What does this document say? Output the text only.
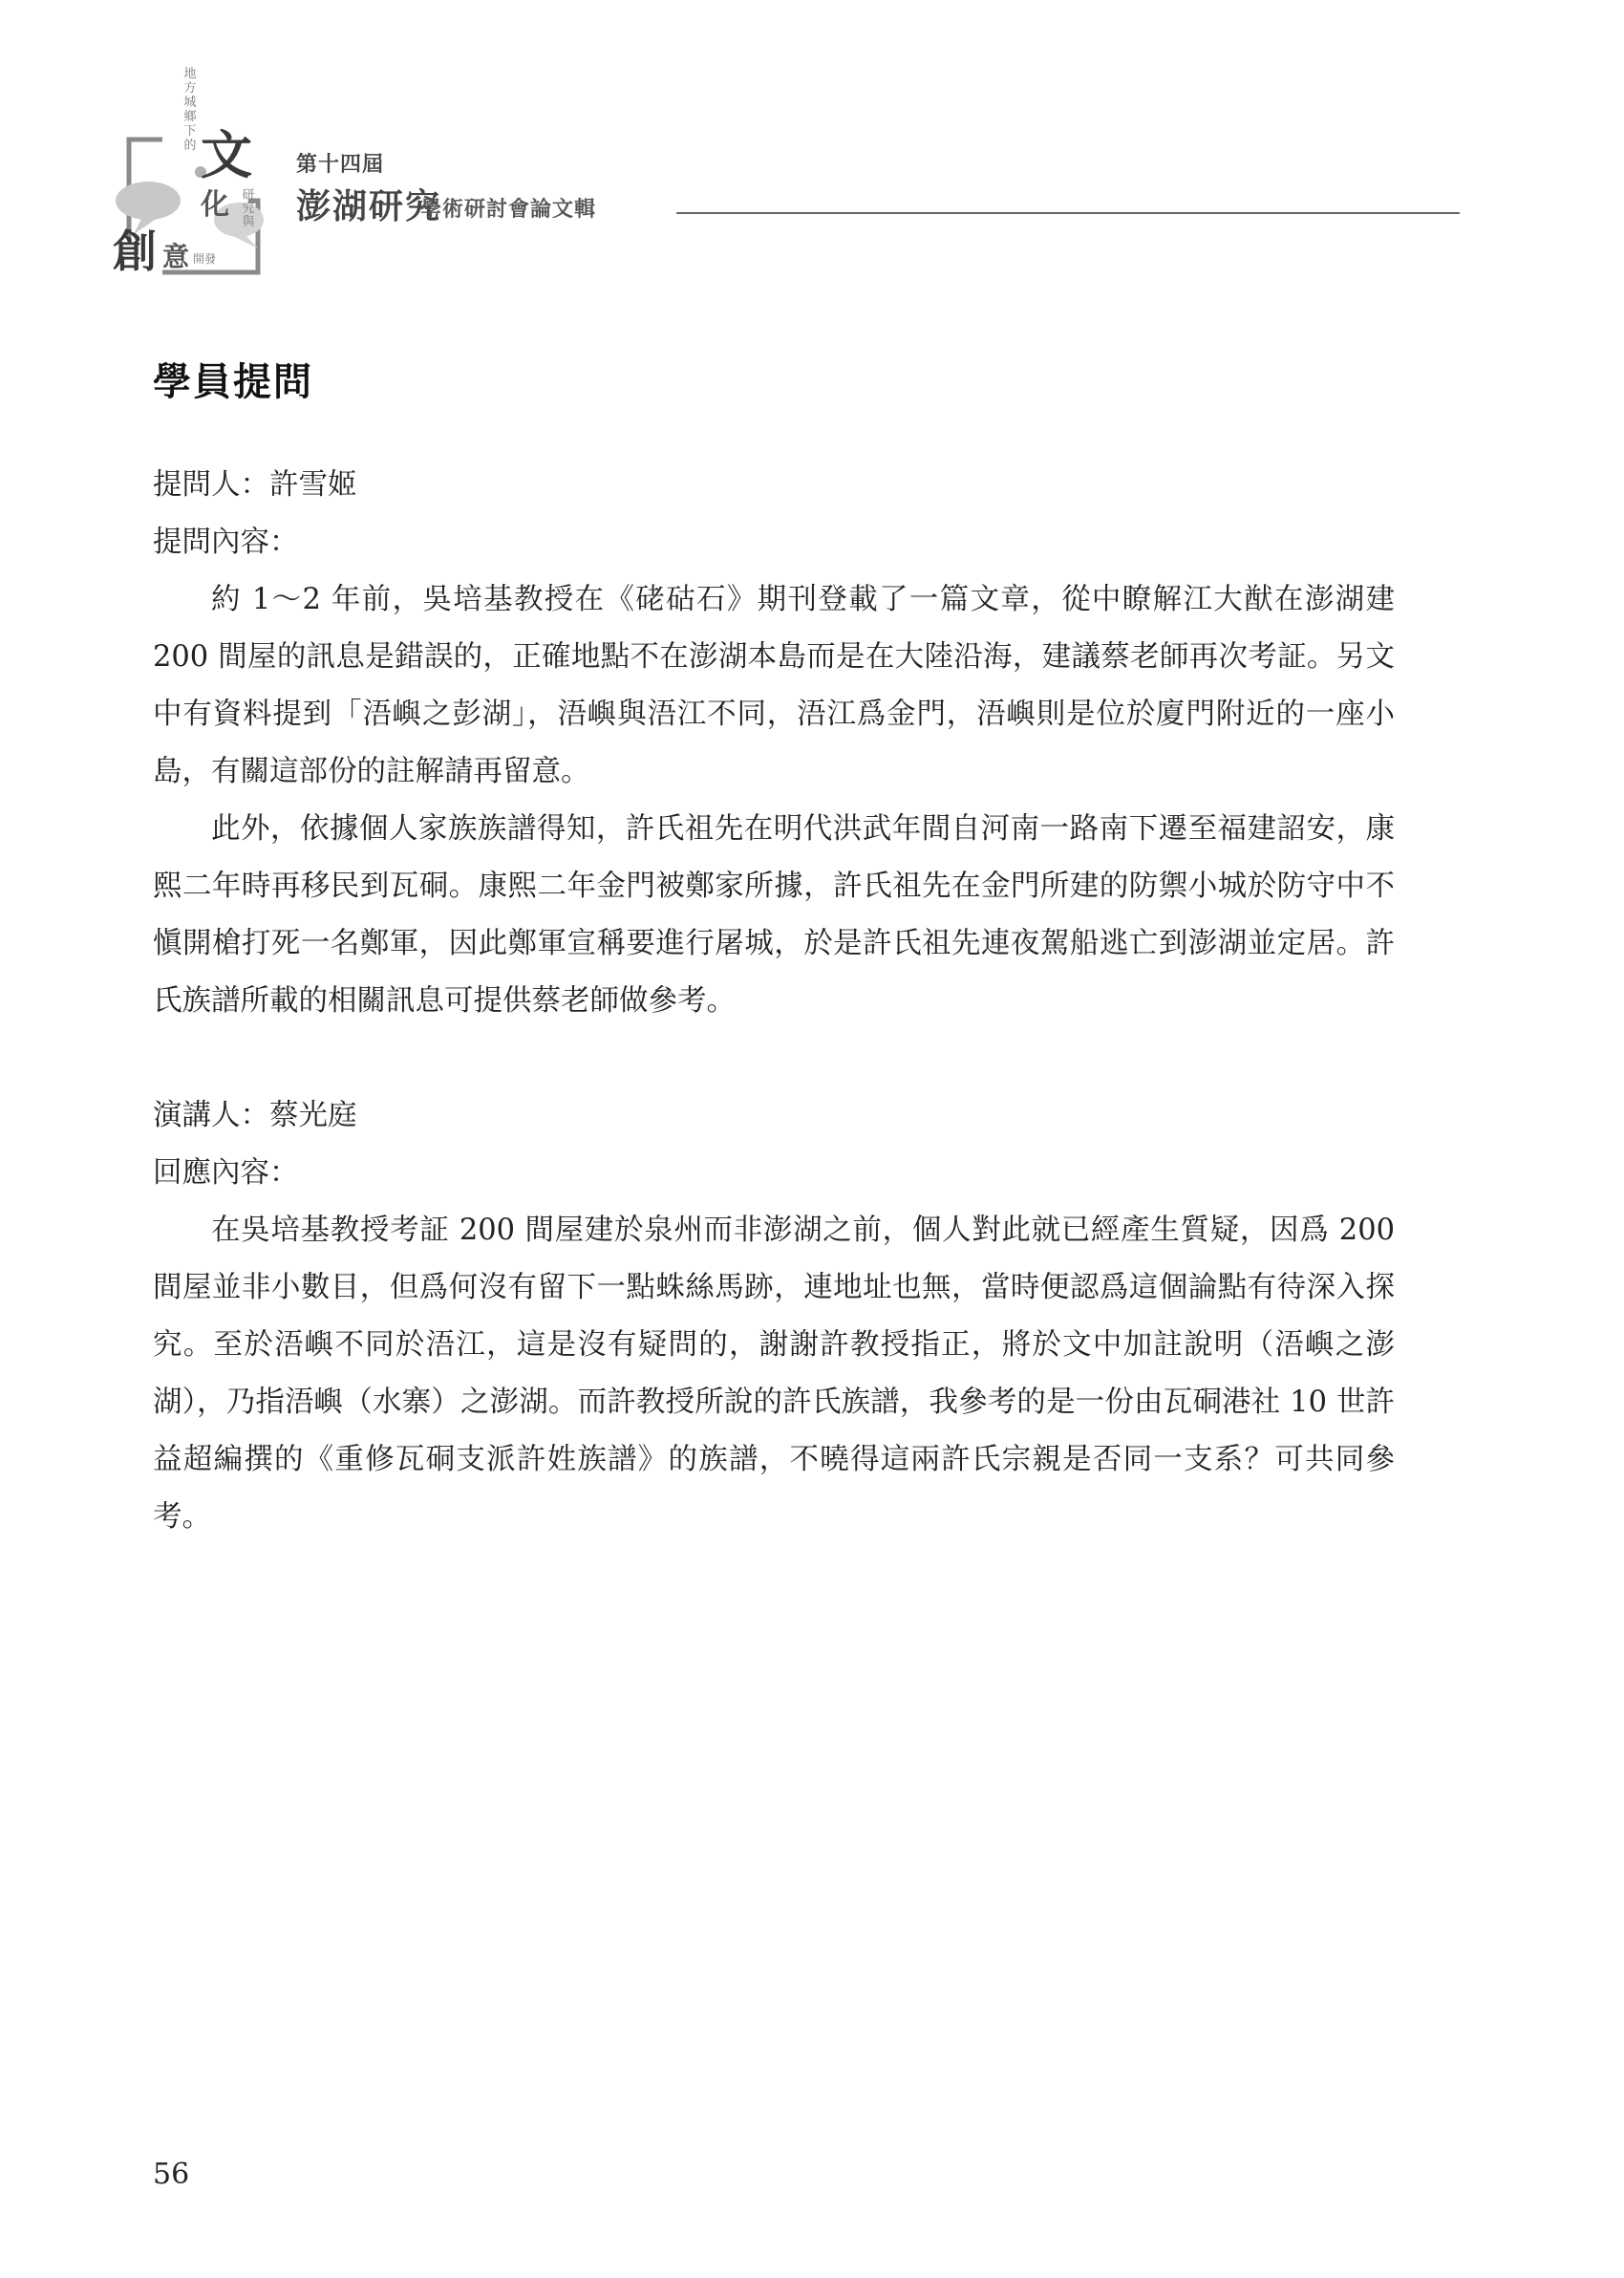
地方城鄉下的 文
化 研究與
創 意 開發
第十四屆
澎湖研究
學術研討會論文輯
學員提問

提問人：許雪姬

提問內容：

約 1～2 年前，吳培基教授在《硓𥑮石》期刊登載了一篇文章，從中瞭解江大猷在澎湖建 200 間屋的訊息是錯誤的，正確地點不在澎湖本島而是在大陸沿海，建議蔡老師再次考証。另文中有資料提到「浯嶼之彭湖」，浯嶼與浯江不同，浯江爲金門，浯嶼則是位於廈門附近的一座小島，有關這部份的註解請再留意。

此外，依據個人家族族譜得知，許氏祖先在明代洪武年間自河南一路南下遷至福建詔安，康熙二年時再移民到瓦硐。康熙二年金門被鄭家所據，許氏祖先在金門所建的防禦小城於防守中不愼開槍打死一名鄭軍，因此鄭軍宣稱要進行屠城，於是許氏祖先連夜駕船逃亡到澎湖並定居。許氏族譜所載的相關訊息可提供蔡老師做參考。

演講人：蔡光庭

回應內容：

在吳培基教授考証 200 間屋建於泉州而非澎湖之前，個人對此就已經產生質疑，因爲 200 間屋並非小數目，但爲何沒有留下一點蛛絲馬跡，連地址也無，當時便認爲這個論點有待深入探究。至於浯嶼不同於浯江，這是沒有疑問的，謝謝許教授指正，將於文中加註說明（浯嶼之澎湖），乃指浯嶼（水寨）之澎湖。而許教授所說的許氏族譜，我參考的是一份由瓦硐港社 10 世許益超編撰的《重修瓦硐支派許姓族譜》的族譜，不曉得這兩許氏宗親是否同一支系？可共同參考。

56
